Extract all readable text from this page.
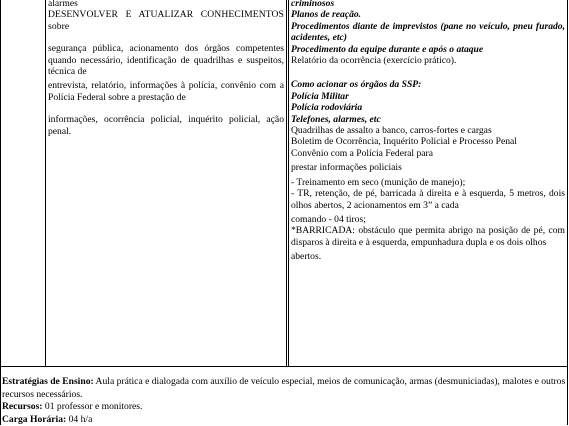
alarmes

DESENVOLVER E ATUALIZAR CONHECIMENTOS sobre

segurança pública, acionamento dos órgãos competentes quando necessário, identificação de quadrilhas e suspeitos, técnica de

entrevista, relatório, informações à polícia, convênio com a Polícia Federal sobre a prestação de

informações, ocorrência policial, inquérito policial, ação penal.

criminosos

Planos de reação.

Procedimentos diante de imprevistos (pane no veículo, pneu furado, acidentes, etc)

Procedimento da equipe durante e após o ataque

Relatório da ocorrência (exercício prático).

Como acionar os órgãos da SSP:

Polícia Militar

Polícia rodoviária

Telefones, alarmes, etc

Quadrilhas de assalto a banco, carros-fortes e cargas

Boletim de Ocorrência, Inquérito Policial e Processo Penal

Convênio com a Polícia Federal para

prestar informações policiais

- Treinamento em seco (munição de manejo);

- TR, retenção, de pé, barricada à direita e à esquerda, 5 metros, dois olhos abertos, 2 acionamentos em 3” a cada

comando - 04 tiros;

*BARRICADA: obstáculo que permita abrigo na posição de pé, com disparos à direita e à esquerda, empunhadura dupla e os dois olhos

abertos.

Estratégias de Ensino: Aula prática e dialogada com auxílio de veículo especial, meios de comunicação, armas (desmuniciadas), malotes e outros recursos necessários.

Recursos: 01 professor e monitores.

Carga Horária: 04 h/a
